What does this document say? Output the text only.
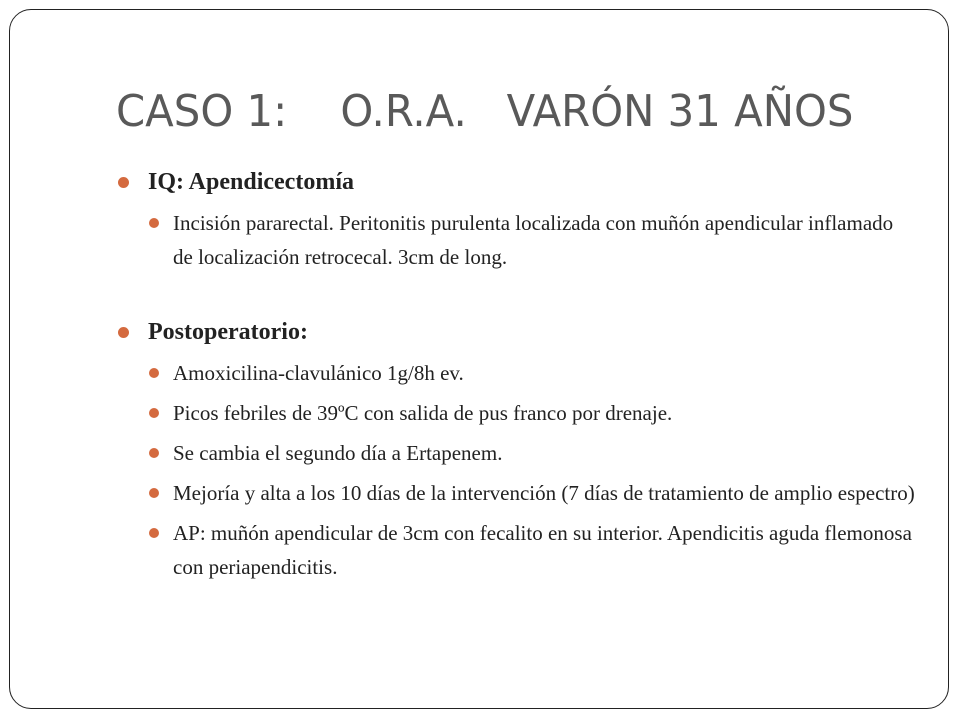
CASO 1:    O.R.A.   VARÓN 31 AÑOS
IQ: Apendicectomía
Incisión pararectal. Peritonitis purulenta localizada con muñón apendicular inflamado de localización retrocecal. 3cm de long.
Postoperatorio:
Amoxicilina-clavulánico 1g/8h ev.
Picos febriles de 39ºC con salida de pus franco por drenaje.
Se cambia el segundo día a Ertapenem.
Mejoría y alta a los 10 días de la intervención (7 días de tratamiento de amplio espectro)
AP: muñón apendicular de 3cm con fecalito en su interior. Apendicitis aguda flemonosa con periapendicitis.
